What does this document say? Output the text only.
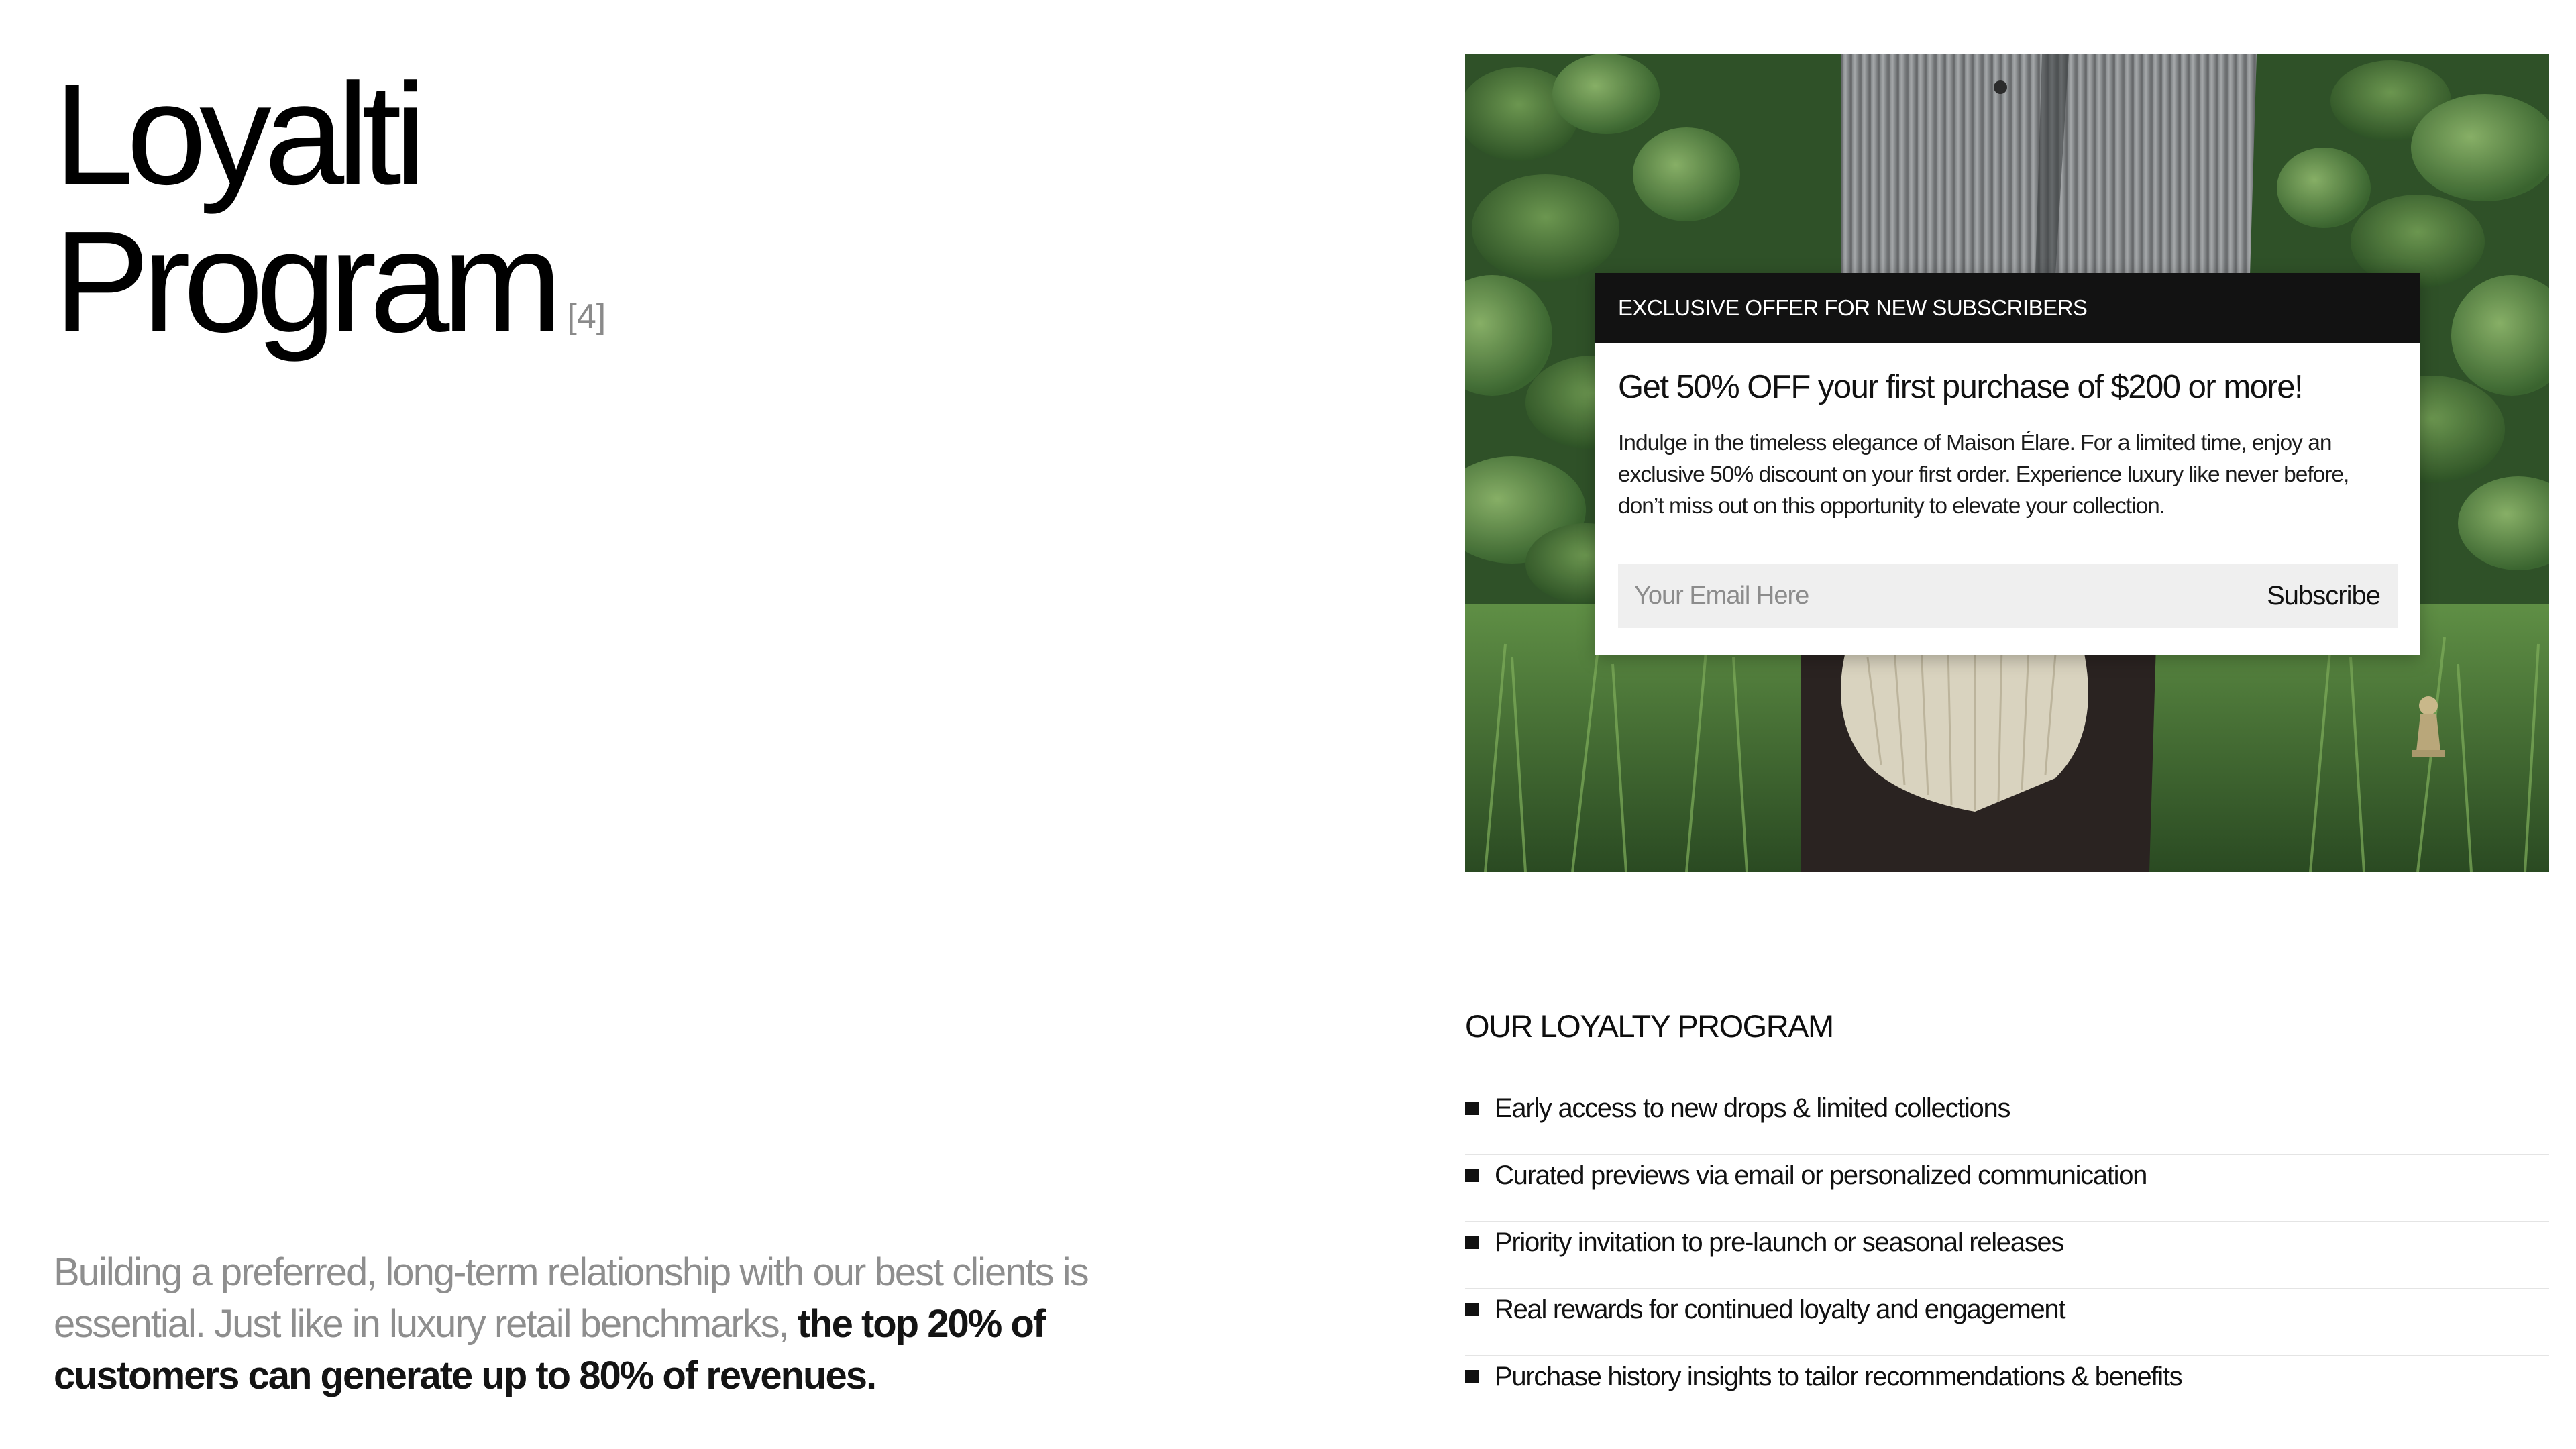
Loyalti
Program [4]

Building a preferred, long-term relationship with our best clients is essential. Just like in luxury retail benchmarks, the top 20% of customers can generate up to 80% of revenues.

EXCLUSIVE OFFER FOR NEW SUBSCRIBERS
Get 50% OFF your first purchase of $200 or more!
Indulge in the timeless elegance of Maison Élare. For a limited time, enjoy an exclusive 50% discount on your first order. Experience luxury like never before, don’t miss out on this opportunity to elevate your collection.
Your Email Here
Subscribe
OUR LOYALTY PROGRAM
Early access to new drops & limited collections
Curated previews via email or personalized communication
Priority invitation to pre-launch or seasonal releases
Real rewards for continued loyalty and engagement
Purchase history insights to tailor recommendations & benefits
